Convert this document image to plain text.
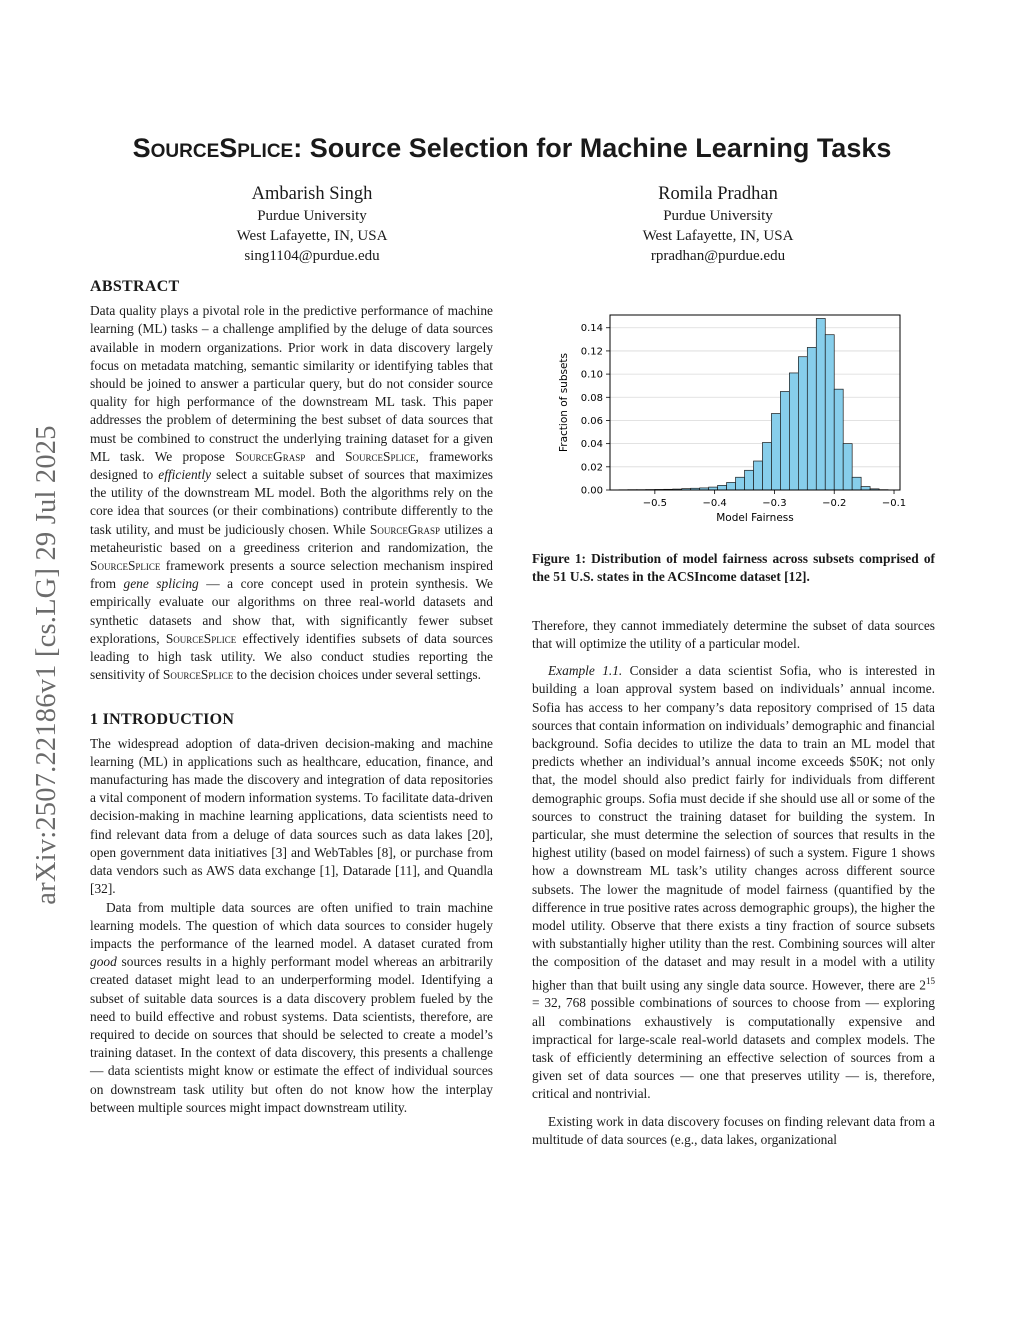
arXiv:2507.22186v1 [cs.LG] 29 Jul 2025
SourceSplice: Source Selection for Machine Learning Tasks
Ambarish Singh
Purdue University
West Lafayette, IN, USA
sing1104@purdue.edu
Romila Pradhan
Purdue University
West Lafayette, IN, USA
rpradhan@purdue.edu

ABSTRACT

Data quality plays a pivotal role in the predictive performance of machine learning (ML) tasks – a challenge amplified by the deluge of data sources available in modern organizations. Prior work in data discovery largely focus on metadata matching, semantic similarity or identifying tables that should be joined to answer a particular query, but do not consider source quality for high performance of the downstream ML task. This paper addresses the problem of determining the best subset of data sources that must be combined to construct the underlying training dataset for a given ML task. We propose SourceGrasp and SourceSplice, frameworks designed to efficiently select a suitable subset of sources that maximizes the utility of the downstream ML model. Both the algorithms rely on the core idea that sources (or their combinations) contribute differently to the task utility, and must be judiciously chosen. While SourceGrasp utilizes a metaheuristic based on a greediness criterion and randomization, the SourceSplice framework presents a source selection mechanism inspired from gene splicing — a core concept used in protein synthesis. We empirically evaluate our algorithms on three real-world datasets and synthetic datasets and show that, with significantly fewer subset explorations, SourceSplice effectively identifies subsets of data sources leading to high task utility. We also conduct studies reporting the sensitivity of SourceSplice to the decision choices under several settings.

1 INTRODUCTION

The widespread adoption of data-driven decision-making and machine learning (ML) in applications such as healthcare, education, finance, and manufacturing has made the discovery and integration of data repositories a vital component of modern information systems. To facilitate data-driven decision-making in machine learning applications, data scientists need to find relevant data from a deluge of data sources such as data lakes [20], open government data initiatives [3] and WebTables [8], or purchase from data vendors such as AWS data exchange [1], Datarade [11], and Quandla [32].

Data from multiple data sources are often unified to train machine learning models. The question of which data sources to consider hugely impacts the performance of the learned model. A dataset curated from good sources results in a highly performant model whereas an arbitrarily created dataset might lead to an underperforming model. Identifying a subset of suitable data sources is a data discovery problem fueled by the need to build effective and robust systems. Data scientists, therefore, are required to decide on sources that should be selected to create a model’s training dataset. In the context of data discovery, this presents a challenge — data scientists might know or estimate the effect of individual sources on downstream task utility but often do not know how the interplay between multiple sources might impact downstream utility.

0.00
0.02
0.04
0.06
0.08
0.10
0.12
0.14
−0.5	−0.4	−0.3	−0.2	−0.1
Model Fairness
Fraction of subsets

Figure 1: Distribution of model fairness across subsets comprised of the 51 U.S. states in the ACSIncome dataset [12].

Therefore, they cannot immediately determine the subset of data sources that will optimize the utility of a particular model.

Example 1.1. Consider a data scientist Sofia, who is interested in building a loan approval system based on individuals’ annual income. Sofia has access to her company’s data repository comprised of 15 data sources that contain information on individuals’ demographic and financial background. Sofia decides to utilize the data to train an ML model that predicts whether an individual’s annual income exceeds $50K; not only that, the model should also predict fairly for individuals from different demographic groups. Sofia must decide if she should use all or some of the sources to construct the training dataset for building the system. In particular, she must determine the selection of sources that results in the highest utility (based on model fairness) of such a system. Figure 1 shows how a downstream ML task’s utility changes across different source subsets. The lower the magnitude of model fairness (quantified by the difference in true positive rates across demographic groups), the higher the model utility. Observe that there exists a tiny fraction of source subsets with substantially higher utility than the rest. Combining sources will alter the composition of the dataset and may result in a model with a utility higher than that built using any single data source. However, there are $2^{15} = 32$, 768 possible combinations of sources to choose from — exploring all combinations exhaustively is computationally expensive and impractical for large-scale real-world datasets and complex models. The task of efficiently determining an effective selection of sources from a given set of data sources — one that preserves utility — is, therefore, critical and nontrivial.

Existing work in data discovery focuses on finding relevant data from a multitude of data sources (e.g., data lakes, organizational
